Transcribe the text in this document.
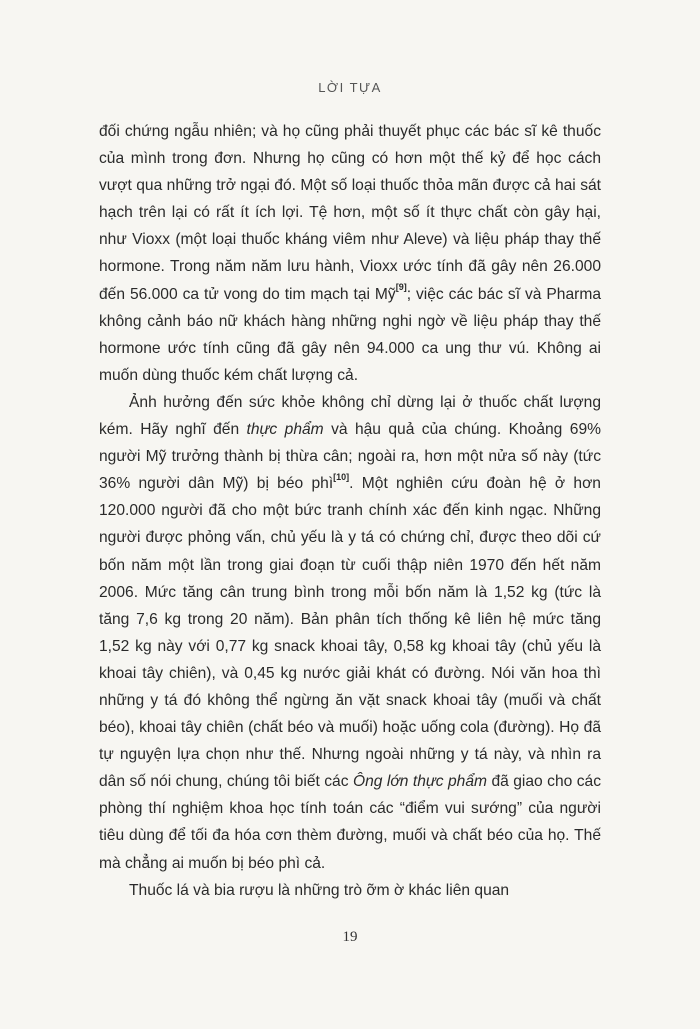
LỜI TỰA

đối chứng ngẫu nhiên; và họ cũng phải thuyết phục các bác sĩ kê thuốc của mình trong đơn. Nhưng họ cũng có hơn một thế kỷ để học cách vượt qua những trở ngại đó. Một số loại thuốc thỏa mãn được cả hai sát hạch trên lại có rất ít ích lợi. Tệ hơn, một số ít thực chất còn gây hại, như Vioxx (một loại thuốc kháng viêm như Aleve) và liệu pháp thay thế hormone. Trong năm năm lưu hành, Vioxx ước tính đã gây nên 26.000 đến 56.000 ca tử vong do tim mạch tại Mỹ[9]; việc các bác sĩ và Pharma không cảnh báo nữ khách hàng những nghi ngờ về liệu pháp thay thế hormone ước tính cũng đã gây nên 94.000 ca ung thư vú. Không ai muốn dùng thuốc kém chất lượng cả.

Ảnh hưởng đến sức khỏe không chỉ dừng lại ở thuốc chất lượng kém. Hãy nghĩ đến thực phẩm và hậu quả của chúng. Khoảng 69% người Mỹ trưởng thành bị thừa cân; ngoài ra, hơn một nửa số này (tức 36% người dân Mỹ) bị béo phì[10]. Một nghiên cứu đoàn hệ ở hơn 120.000 người đã cho một bức tranh chính xác đến kinh ngạc. Những người được phỏng vấn, chủ yếu là y tá có chứng chỉ, được theo dõi cứ bốn năm một lần trong giai đoạn từ cuối thập niên 1970 đến hết năm 2006. Mức tăng cân trung bình trong mỗi bốn năm là 1,52 kg (tức là tăng 7,6 kg trong 20 năm). Bản phân tích thống kê liên hệ mức tăng 1,52 kg này với 0,77 kg snack khoai tây, 0,58 kg khoai tây (chủ yếu là khoai tây chiên), và 0,45 kg nước giải khát có đường. Nói văn hoa thì những y tá đó không thể ngừng ăn vặt snack khoai tây (muối và chất béo), khoai tây chiên (chất béo và muối) hoặc uống cola (đường). Họ đã tự nguyện lựa chọn như thế. Nhưng ngoài những y tá này, và nhìn ra dân số nói chung, chúng tôi biết các Ông lớn thực phẩm đã giao cho các phòng thí nghiệm khoa học tính toán các “điểm vui sướng” của người tiêu dùng để tối đa hóa cơn thèm đường, muối và chất béo của họ. Thế mà chẳng ai muốn bị béo phì cả.

Thuốc lá và bia rượu là những trò ỡm ờ khác liên quan

19
